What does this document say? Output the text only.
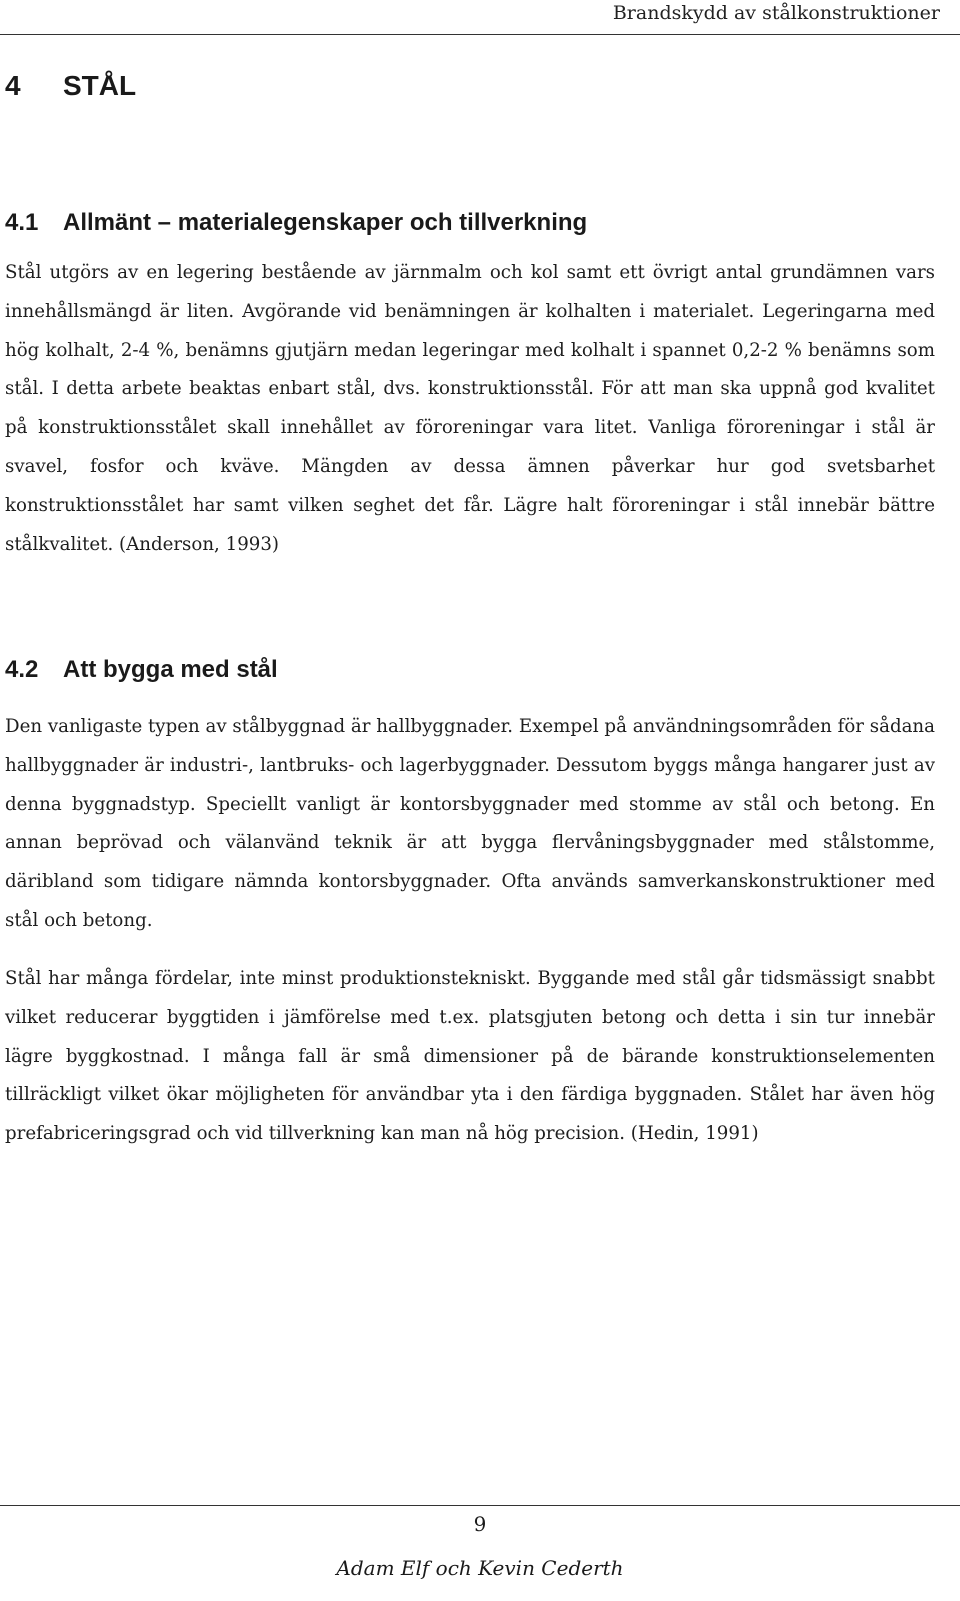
Brandskydd av stålkonstruktioner
4 STÅL
4.1 Allmänt – materialegenskaper och tillverkning

Stål utgörs av en legering bestående av järnmalm och kol samt ett övrigt antal grundämnen vars innehållsmängd är liten. Avgörande vid benämningen är kolhalten i materialet. Legeringarna med hög kolhalt, 2-4 %, benämns gjutjärn medan legeringar med kolhalt i spannet 0,2-2 % benämns som stål. I detta arbete beaktas enbart stål, dvs. konstruktionsstål. För att man ska uppnå god kvalitet på konstruktionsstålet skall innehållet av föroreningar vara litet. Vanliga föroreningar i stål är svavel, fosfor och kväve. Mängden av dessa ämnen påverkar hur god svetsbarhet konstruktionsstålet har samt vilken seghet det får. Lägre halt föroreningar i stål innebär bättre stålkvalitet. (Anderson, 1993)

4.2 Att bygga med stål

Den vanligaste typen av stålbyggnad är hallbyggnader. Exempel på användningsområden för sådana hallbyggnader är industri-, lantbruks- och lagerbyggnader. Dessutom byggs många hangarer just av denna byggnadstyp. Speciellt vanligt är kontorsbyggnader med stomme av stål och betong. En annan beprövad och välanvänd teknik är att bygga flervåningsbyggnader med stålstomme, däribland som tidigare nämnda kontorsbyggnader. Ofta används samverkanskonstruktioner med stål och betong.

Stål har många fördelar, inte minst produktionstekniskt. Byggande med stål går tidsmässigt snabbt vilket reducerar byggtiden i jämförelse med t.ex. platsgjuten betong och detta i sin tur innebär lägre byggkostnad. I många fall är små dimensioner på de bärande konstruktionselementen tillräckligt vilket ökar möjligheten för användbar yta i den färdiga byggnaden. Stålet har även hög prefabriceringsgrad och vid tillverkning kan man nå hög precision. (Hedin, 1991)

9
Adam Elf och Kevin Cederth
